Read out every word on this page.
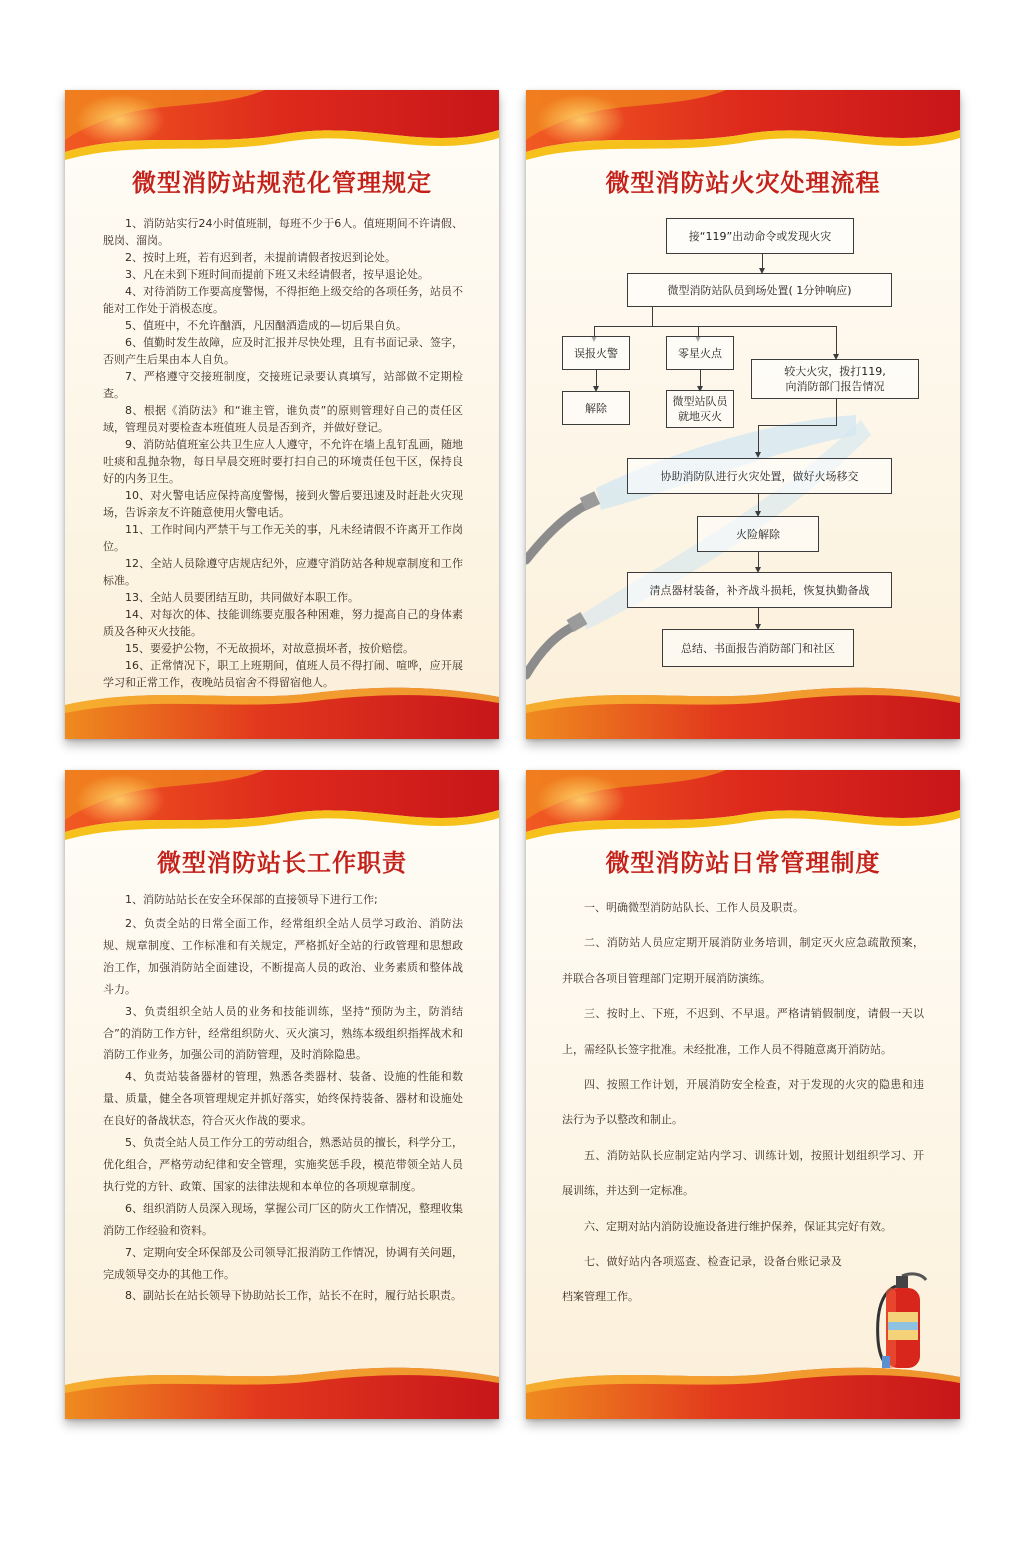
微型消防站规范化管理规定

1、消防站实行24小时值班制，每班不少于6人。值班期间不许请假、脱岗、溜岗。

2、按时上班，若有迟到者，未提前请假者按迟到论处。

3、凡在未到下班时间而提前下班又未经请假者，按早退论处。

4、对待消防工作要高度警惕，不得拒绝上级交给的各项任务，站员不能对工作处于消极态度。

5、值班中，不允许酗酒，凡因酗酒造成的—切后果自负。

6、值勤时发生故障，应及时汇报并尽快处理，且有书面记录、签字，否则产生后果由本人自负。

7、严格遵守交接班制度，交接班记录要认真填写，站部做不定期检查。

8、根据《消防法》和“谁主管，谁负责”的原则管理好自己的责任区域，管理员对要检查本班值班人员是否到齐，并做好登记。

9、消防站值班室公共卫生应人人遵守，不允许在墙上乱钉乱画，随地吐痰和乱抛杂物，每日早晨交班时要打扫自己的环境责任包干区，保持良好的内务卫生。

10、对火警电话应保持高度警惕，接到火警后要迅速及时赶赴火灾现场，告诉亲友不许随意使用火警电话。

11、工作时间内严禁干与工作无关的事，凡未经请假不许离开工作岗位。

12、全站人员除遵守店规店纪外，应遵守消防站各种规章制度和工作标准。

13、全站人员要团结互助，共同做好本职工作。

14、对每次的体、技能训练要克服各种困难，努力提高自己的身体素质及各种灭火技能。

15、要爱护公物，不无故损坏，对故意损坏者，按价赔偿。

16、正常情况下，职工上班期间，值班人员不得打闹、喧哗，应开展学习和正常工作，夜晚站员宿舍不得留宿他人。

微型消防站火灾处理流程
接“119”出动命令或发现火灾
微型消防站队员到场处置( 1分钟响应)
误报火警
解除
零星火点
微型站队员
就地灭火
较大火灾，拨打119,
向消防部门报告情况
协助消防队进行火灾处置，做好火场移交
火险解除
清点器材装备，补齐战斗损耗，恢复执勤备战
总结、书面报告消防部门和社区
微型消防站长工作职责

1、消防站站长在安全环保部的直接领导下进行工作;

2、负责全站的日常全面工作，经常组织全站人员学习政治、消防法规、规章制度、工作标准和有关规定，严格抓好全站的行政管理和思想政治工作，加强消防站全面建设，不断提高人员的政治、业务素质和整体战斗力。

3、负责组织全站人员的业务和技能训练，坚持“预防为主，防消结合”的消防工作方针，经常组织防火、灭火演习，熟练本级组织指挥战术和消防工作业务，加强公司的消防管理，及时消除隐患。

4、负责站装备器材的管理，熟悉各类器材、装备、设施的性能和数量、质量，健全各项管理规定并抓好落实，始终保持装备、器材和设施处在良好的备战状态，符合灭火作战的要求。

5、负责全站人员工作分工的劳动组合，熟悉站员的擅长，科学分工，优化组合，严格劳动纪律和安全管理，实施奖惩手段，模范带领全站人员执行党的方针、政策、国家的法律法规和本单位的各项规章制度。

6、组织消防人员深入现场，掌握公司厂区的防火工作情况，整理收集消防工作经验和资料。

7、定期向安全环保部及公司领导汇报消防工作情况，协调有关问题，完成领导交办的其他工作。

8、副站长在站长领导下协助站长工作，站长不在时，履行站长职责。

微型消防站日常管理制度

一、明确微型消防站队长、工作人员及职责。

二、消防站人员应定期开展消防业务培训，制定灭火应急疏散预案，并联合各项目管理部门定期开展消防演练。

三、按时上、下班，不迟到、不早退。严格请销假制度，请假一天以上，需经队长签字批准。未经批准，工作人员不得随意离开消防站。

四、按照工作计划，开展消防安全检查，对于发现的火灾的隐患和违法行为予以整改和制止。

五、消防站队长应制定站内学习、训练计划，按照计划组织学习、开展训练，并达到一定标准。

六、定期对站内消防设施设备进行维护保养，保证其完好有效。

七、做好站内各项巡查、检查记录，设备台账记录及档案管理工作。
